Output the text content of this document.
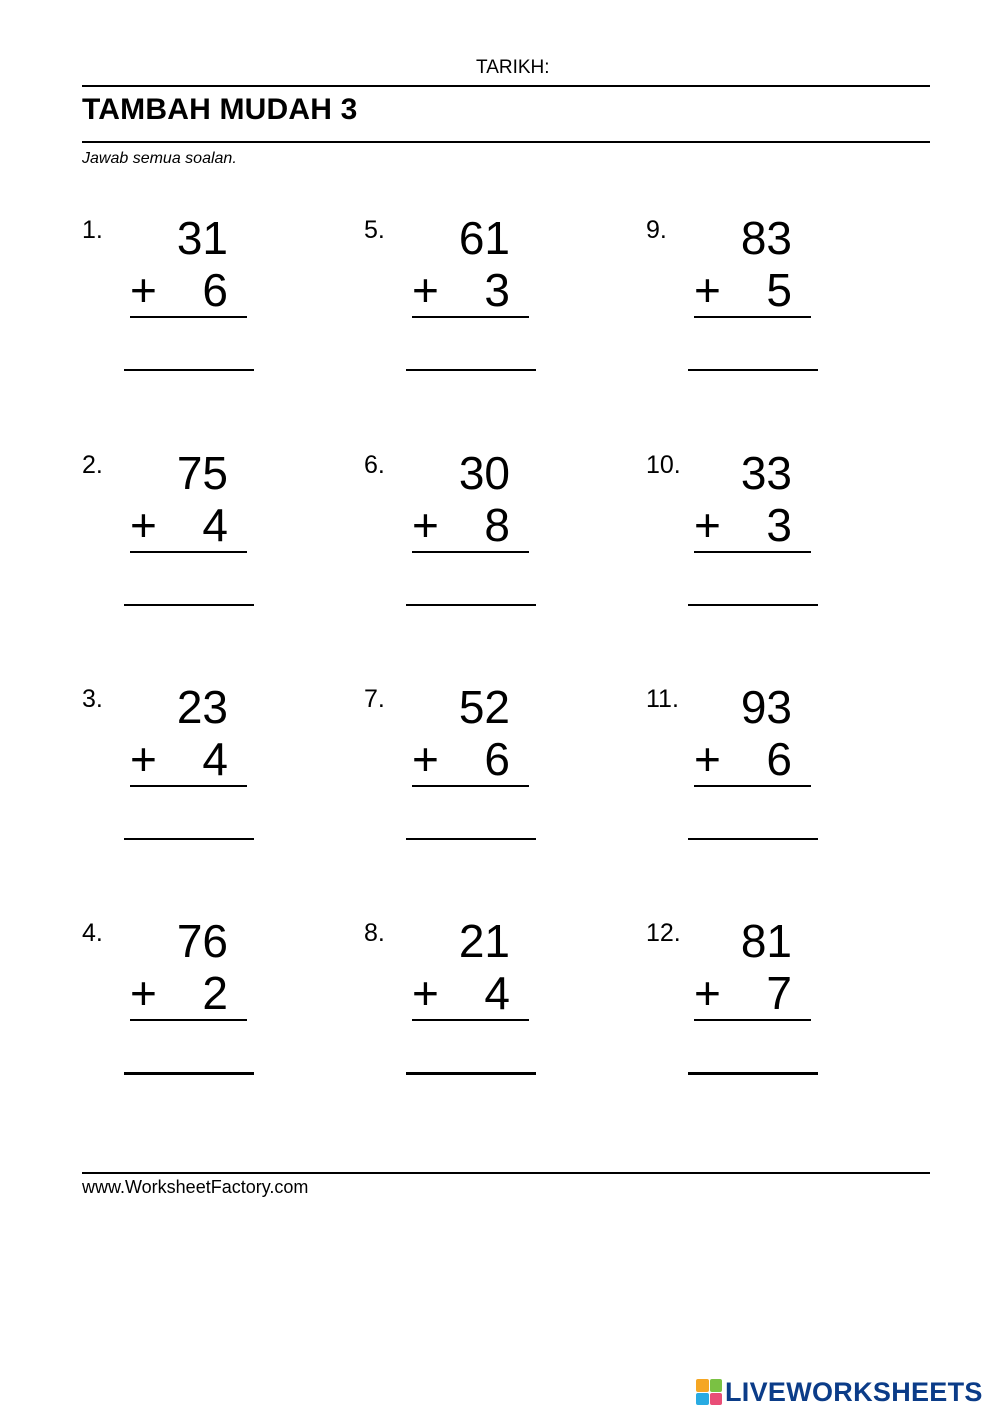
TARIKH:
TAMBAH MUDAH 3
Jawab semua soalan.
1. 31
+ 6
2. 75
+ 4
3. 23
+ 4
4. 76
+ 2
5. 61
+ 3
6. 30
+ 8
7. 52
+ 6
8. 21
+ 4
9. 83
+ 5
10. 33
+ 3
11. 93
+ 6
12. 81
+ 7
www.WorksheetFactory.com
LIVEWORKSHEETS
